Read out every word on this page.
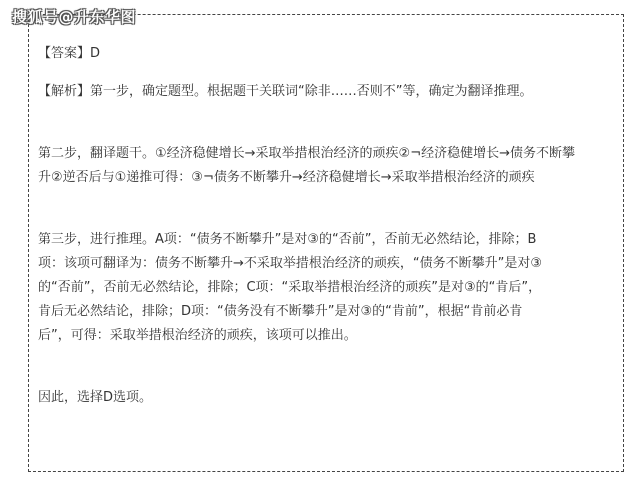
搜狐号@升东华图
【答案】D
【解析】第一步，确定题型。根据题干关联词“除非……否则不”等，确定为翻译推理。
第二步，翻译题干。①经济稳健增长→采取举措根治经济的顽疾②¬经济稳健增长→债务不断攀
升②逆否后与①递推可得：③¬债务不断攀升→经济稳健增长→采取举措根治经济的顽疾
第三步，进行推理。A项：“债务不断攀升”是对③的“否前”，否前无必然结论，排除；B
项：该项可翻译为：债务不断攀升→不采取举措根治经济的顽疾，“债务不断攀升”是对③
的“否前”，否前无必然结论，排除；C项：“采取举措根治经济的顽疾”是对③的“肯后”，
肯后无必然结论，排除；D项：“债务没有不断攀升”是对③的“肯前”，根据“肯前必肯
后”，可得：采取举措根治经济的顽疾，该项可以推出。
因此，选择D选项。
